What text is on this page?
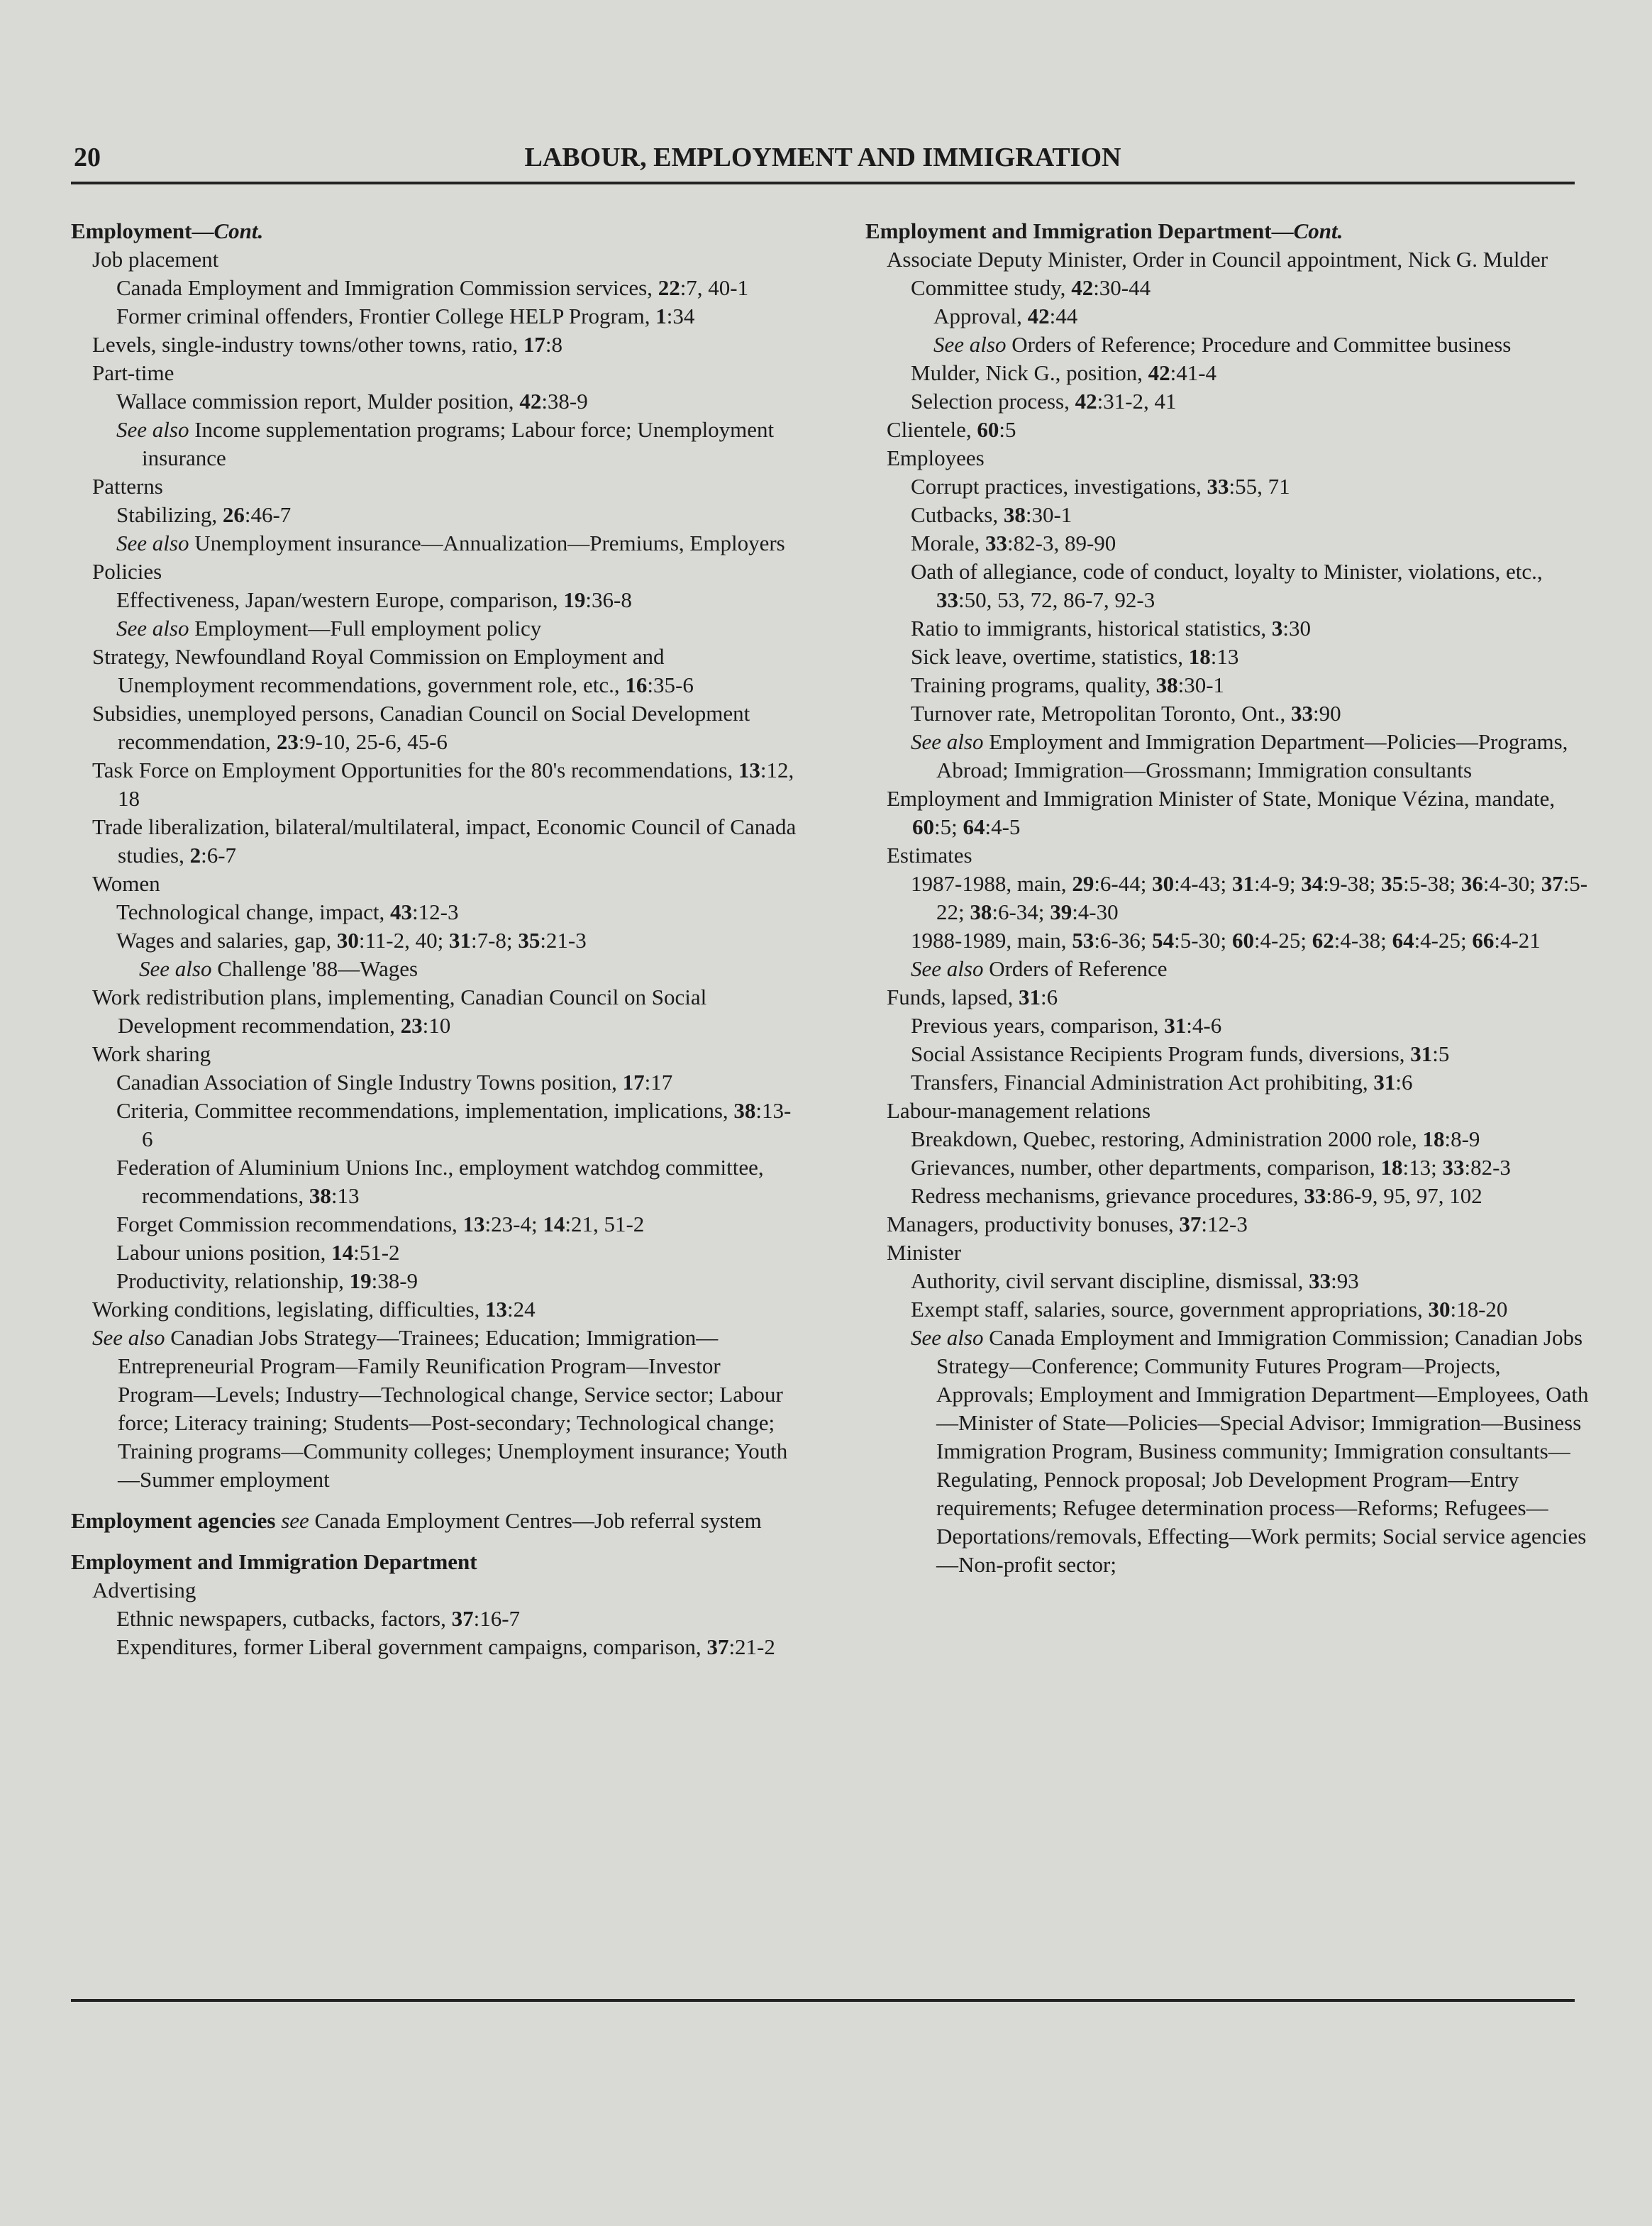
20	LABOUR, EMPLOYMENT AND IMMIGRATION
Employment—Cont.
Job placement
Canada Employment and Immigration Commission services, 22:7, 40-1
Former criminal offenders, Frontier College HELP Program, 1:34
Levels, single-industry towns/other towns, ratio, 17:8
Part-time
Wallace commission report, Mulder position, 42:38-9
See also Income supplementation programs; Labour force; Unemployment insurance
Patterns
Stabilizing, 26:46-7
See also Unemployment insurance—Annualization—Premiums, Employers
Policies
Effectiveness, Japan/western Europe, comparison, 19:36-8
See also Employment—Full employment policy
Strategy, Newfoundland Royal Commission on Employment and Unemployment recommendations, government role, etc., 16:35-6
Subsidies, unemployed persons, Canadian Council on Social Development recommendation, 23:9-10, 25-6, 45-6
Task Force on Employment Opportunities for the 80's recommendations, 13:12, 18
Trade liberalization, bilateral/multilateral, impact, Economic Council of Canada studies, 2:6-7
Women
Technological change, impact, 43:12-3
Wages and salaries, gap, 30:11-2, 40; 31:7-8; 35:21-3
See also Challenge '88—Wages
Work redistribution plans, implementing, Canadian Council on Social Development recommendation, 23:10
Work sharing
Canadian Association of Single Industry Towns position, 17:17
Criteria, Committee recommendations, implementation, implications, 38:13-6
Federation of Aluminium Unions Inc., employment watchdog committee, recommendations, 38:13
Forget Commission recommendations, 13:23-4; 14:21, 51-2
Labour unions position, 14:51-2
Productivity, relationship, 19:38-9
Working conditions, legislating, difficulties, 13:24
See also Canadian Jobs Strategy—Trainees; Education; Immigration—Entrepreneurial Program—Family Reunification Program—Investor Program—Levels; Industry—Technological change, Service sector; Labour force; Literacy training; Students—Post-secondary; Technological change; Training programs—Community colleges; Unemployment insurance; Youth—Summer employment
Employment agencies see Canada Employment Centres—Job referral system
Employment and Immigration Department
Advertising
Ethnic newspapers, cutbacks, factors, 37:16-7
Expenditures, former Liberal government campaigns, comparison, 37:21-2
Employment and Immigration Department—Cont.
Associate Deputy Minister, Order in Council appointment, Nick G. Mulder
Committee study, 42:30-44
Approval, 42:44
See also Orders of Reference; Procedure and Committee business
Mulder, Nick G., position, 42:41-4
Selection process, 42:31-2, 41
Clientele, 60:5
Employees
Corrupt practices, investigations, 33:55, 71
Cutbacks, 38:30-1
Morale, 33:82-3, 89-90
Oath of allegiance, code of conduct, loyalty to Minister, violations, etc., 33:50, 53, 72, 86-7, 92-3
Ratio to immigrants, historical statistics, 3:30
Sick leave, overtime, statistics, 18:13
Training programs, quality, 38:30-1
Turnover rate, Metropolitan Toronto, Ont., 33:90
See also Employment and Immigration Department—Policies—Programs, Abroad; Immigration—Grossmann; Immigration consultants
Employment and Immigration Minister of State, Monique Vézina, mandate, 60:5; 64:4-5
Estimates
1987-1988, main, 29:6-44; 30:4-43; 31:4-9; 34:9-38; 35:5-38; 36:4-30; 37:5-22; 38:6-34; 39:4-30
1988-1989, main, 53:6-36; 54:5-30; 60:4-25; 62:4-38; 64:4-25; 66:4-21
See also Orders of Reference
Funds, lapsed, 31:6
Previous years, comparison, 31:4-6
Social Assistance Recipients Program funds, diversions, 31:5
Transfers, Financial Administration Act prohibiting, 31:6
Labour-management relations
Breakdown, Quebec, restoring, Administration 2000 role, 18:8-9
Grievances, number, other departments, comparison, 18:13; 33:82-3
Redress mechanisms, grievance procedures, 33:86-9, 95, 97, 102
Managers, productivity bonuses, 37:12-3
Minister
Authority, civil servant discipline, dismissal, 33:93
Exempt staff, salaries, source, government appropriations, 30:18-20
See also Canada Employment and Immigration Commission; Canadian Jobs Strategy—Conference; Community Futures Program—Projects, Approvals; Employment and Immigration Department—Employees, Oath—Minister of State—Policies—Special Advisor; Immigration—Business Immigration Program, Business community; Immigration consultants—Regulating, Pennock proposal; Job Development Program—Entry requirements; Refugee determination process—Reforms; Refugees—Deportations/removals, Effecting—Work permits; Social service agencies—Non-profit sector;
